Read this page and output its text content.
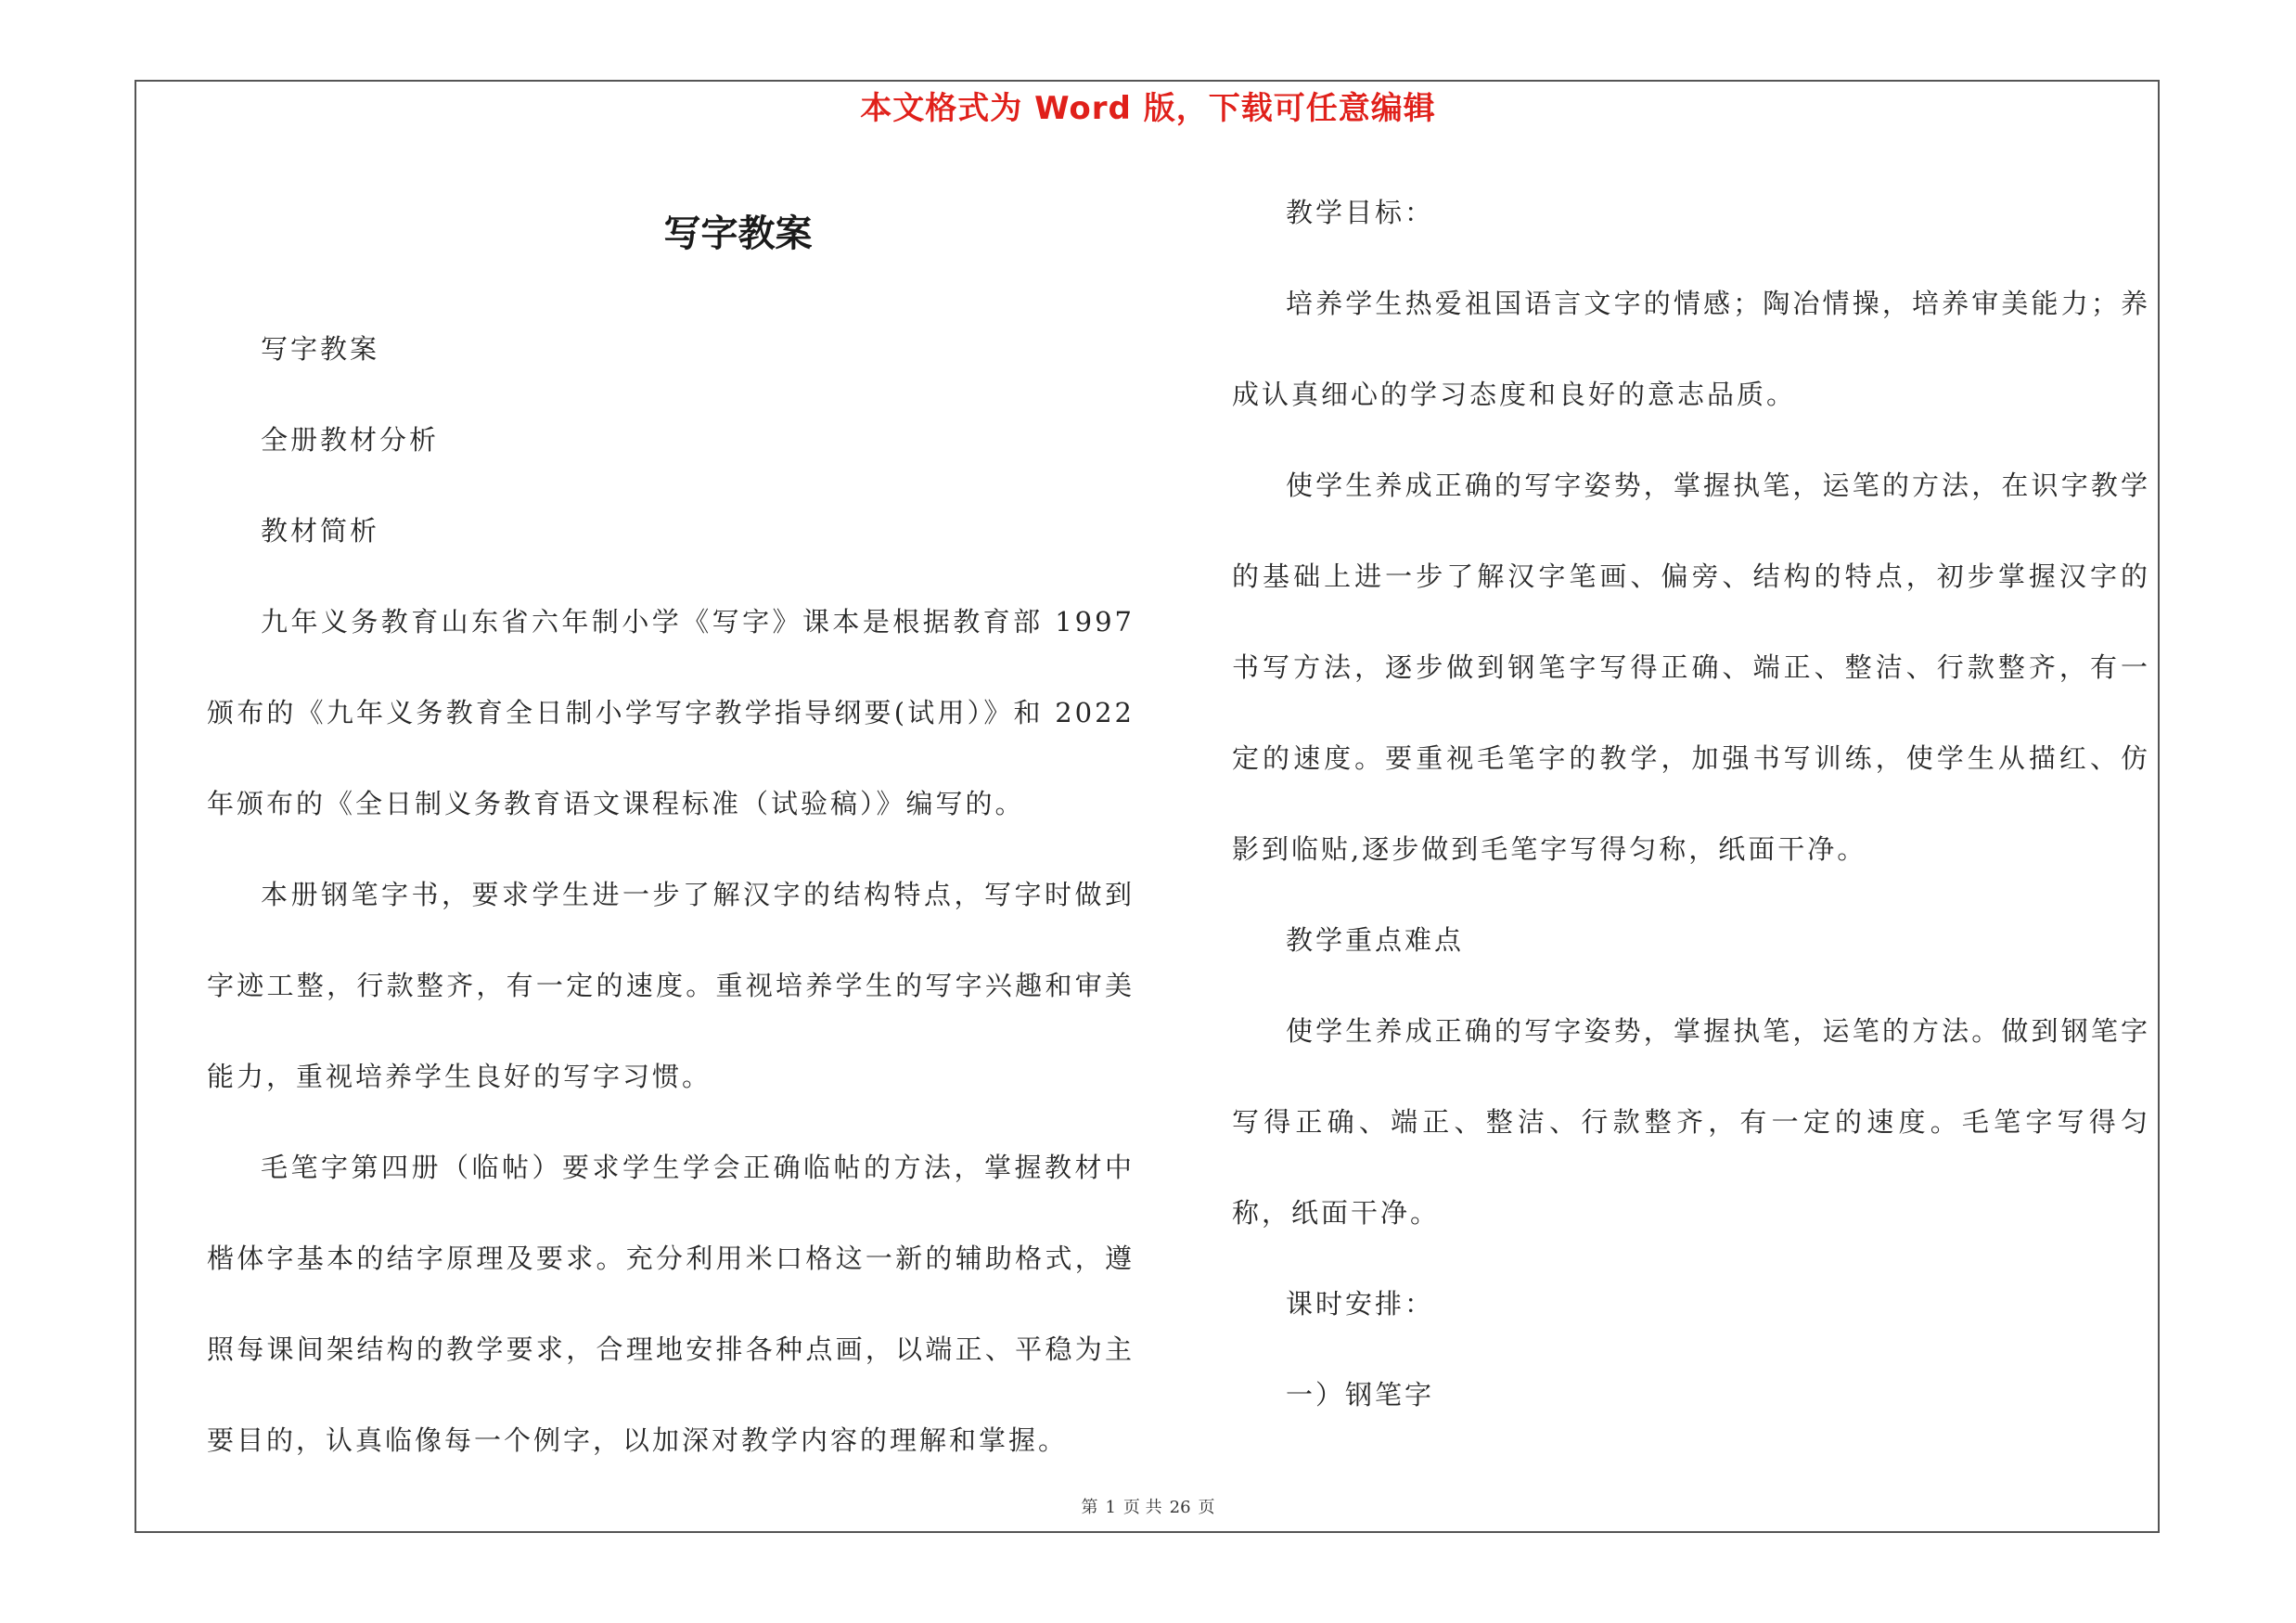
本文格式为 Word 版，下载可任意编辑
写字教案

写字教案

全册教材分析

教材简析

九年义务教育山东省六年制小学《写字》课本是根据教育部 1997 颁布的《九年义务教育全日制小学写字教学指导纲要(试用）》和 2022 年颁布的《全日制义务教育语文课程标准（试验稿）》编写的。

本册钢笔字书，要求学生进一步了解汉字的结构特点，写字时做到字迹工整，行款整齐，有一定的速度。重视培养学生的写字兴趣和审美能力，重视培养学生良好的写字习惯。

毛笔字第四册（临帖）要求学生学会正确临帖的方法，掌握教材中楷体字基本的结字原理及要求。充分利用米口格这一新的辅助格式，遵照每课间架结构的教学要求，合理地安排各种点画，以端正、平稳为主要目的，认真临像每一个例字，以加深对教学内容的理解和掌握。

教学目标：

培养学生热爱祖国语言文字的情感；陶冶情操，培养审美能力；养成认真细心的学习态度和良好的意志品质。

使学生养成正确的写字姿势，掌握执笔，运笔的方法，在识字教学的基础上进一步了解汉字笔画、偏旁、结构的特点，初步掌握汉字的书写方法，逐步做到钢笔字写得正确、端正、整洁、行款整齐，有一定的速度。要重视毛笔字的教学，加强书写训练，使学生从描红、仿影到临贴,逐步做到毛笔字写得匀称，纸面干净。

教学重点难点

使学生养成正确的写字姿势，掌握执笔，运笔的方法。做到钢笔字写得正确、端正、整洁、行款整齐，有一定的速度。毛笔字写得匀称，纸面干净。

课时安排：

一）钢笔字

第 1 页 共 26 页
